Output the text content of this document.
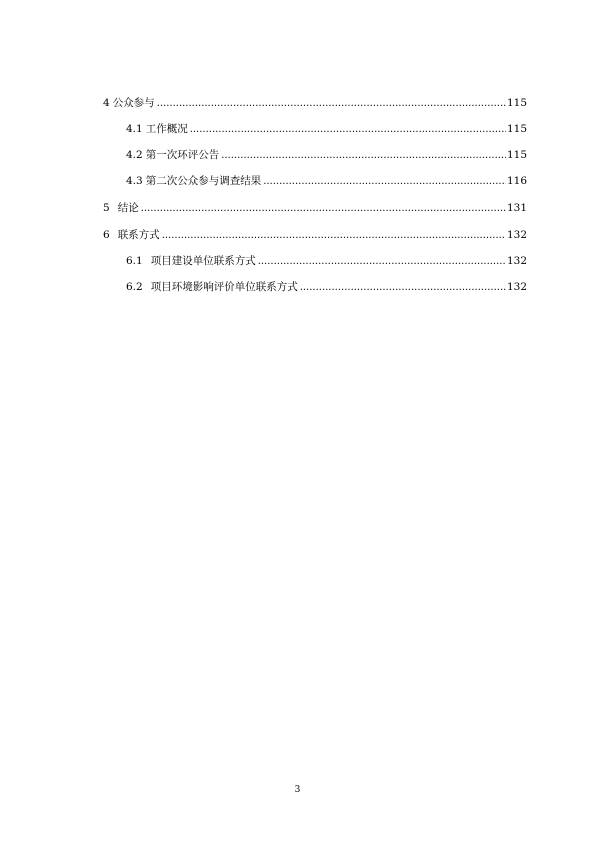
4 公众参与 .....	115
4.1 工作概况 .....	115
4.2 第一次环评公告 .....	115
4.3 第二次公众参与调查结果 .....	116
5 结论 .....	131
6 联系方式 .....	132
6.1 项目建设单位联系方式 .....	132
6.2 项目环境影响评价单位联系方式 .....	132
3
